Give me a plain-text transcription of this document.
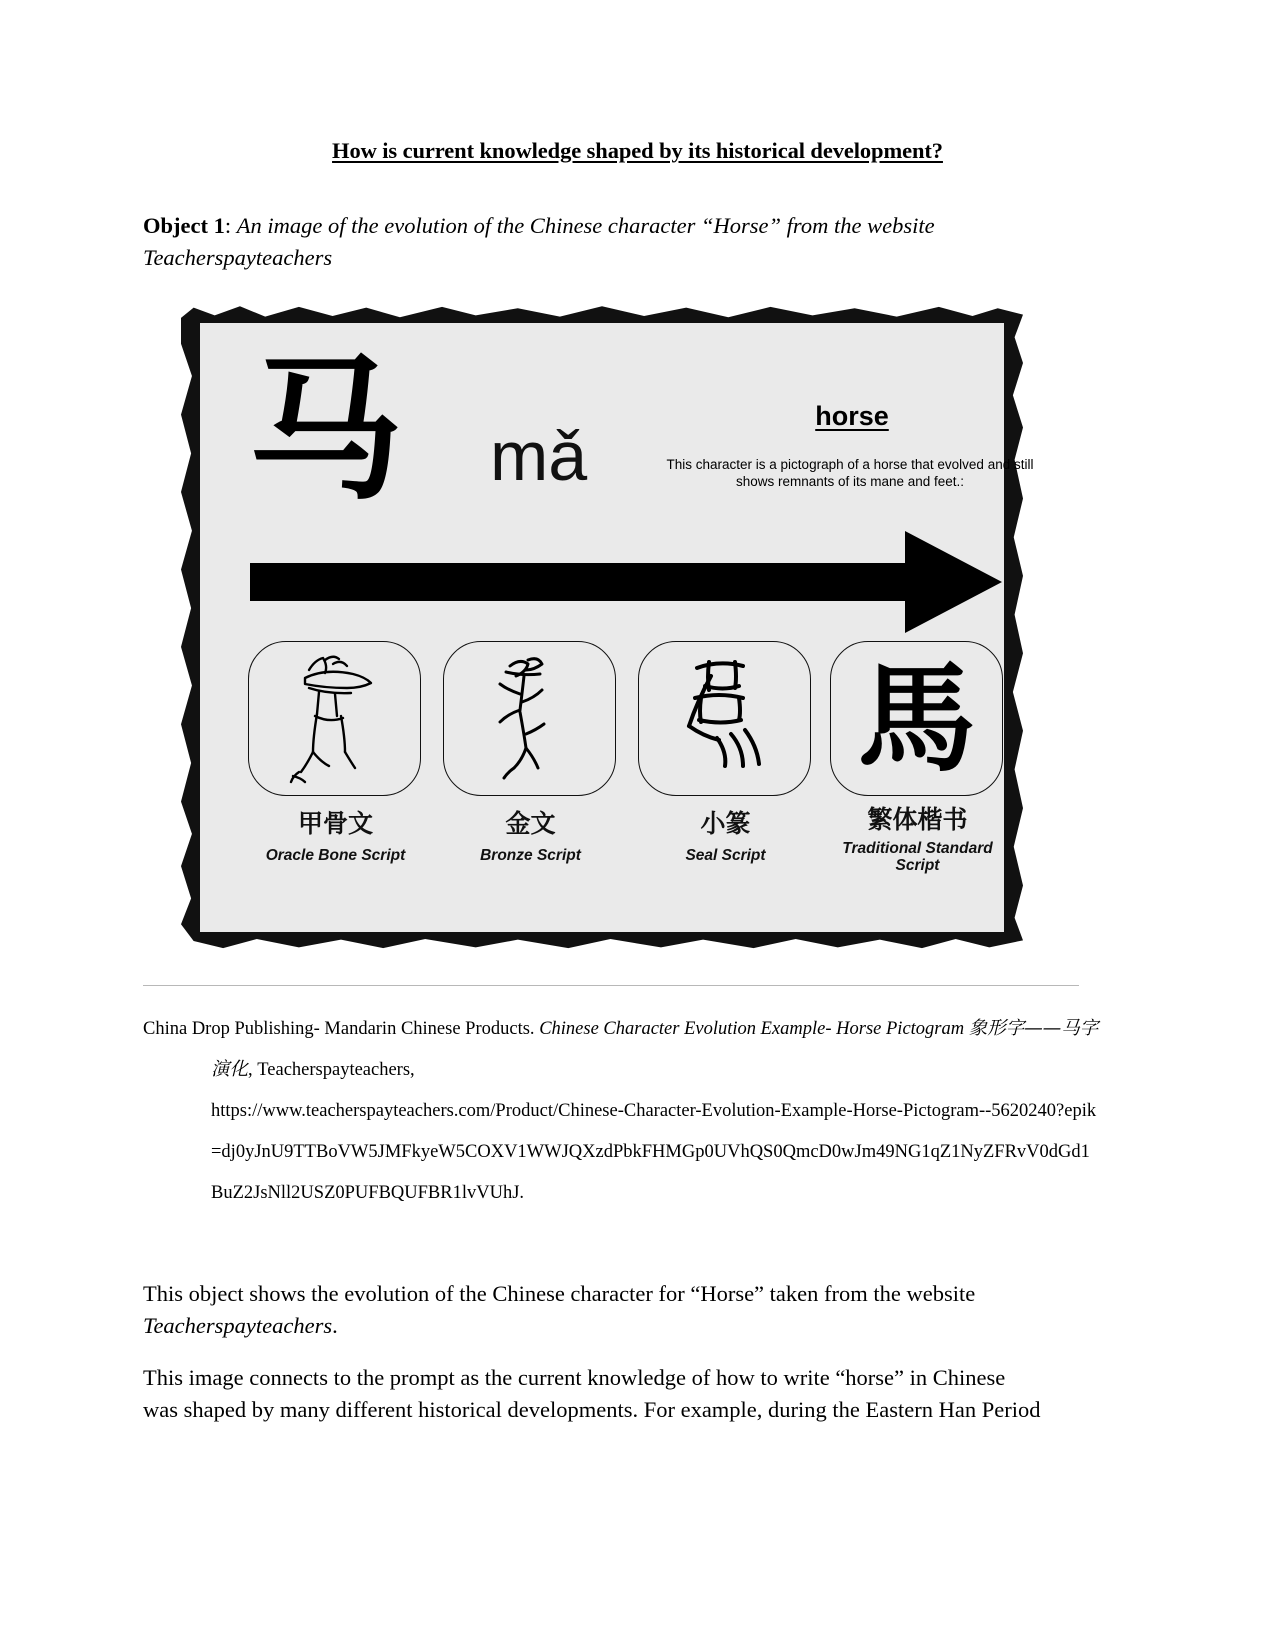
How is current knowledge shaped by its historical development?
Object 1: An image of the evolution of the Chinese character “Horse” from the website Teacherspayteachers
马 mǎ
horse
This character is a pictograph of a horse that evolved and still shows remnants of its mane and feet.:
甲骨文
Oracle Bone Script
金文
Bronze Script
小篆
Seal Script
馬
繁体楷书
Traditional Standard Script
China Drop Publishing- Mandarin Chinese Products. Chinese Character Evolution Example- Horse Pictogram 象形字——马字
演化, Teacherspayteachers,
https://www.teacherspayteachers.com/Product/Chinese-Character-Evolution-Example-Horse-Pictogram--5620240?epik
=dj0yJnU9TTBoVW5JMFkyeW5COXV1WWJQXzdPbkFHMGp0UVhQS0QmcD0wJm49NG1qZ1NyZFRvV0dGd1
BuZ2JsNll2USZ0PUFBQUFBR1lvVUhJ.
This object shows the evolution of the Chinese character for “Horse” taken from the website Teacherspayteachers.
This image connects to the prompt as the current knowledge of how to write “horse” in Chinese was shaped by many different historical developments. For example, during the Eastern Han Period
